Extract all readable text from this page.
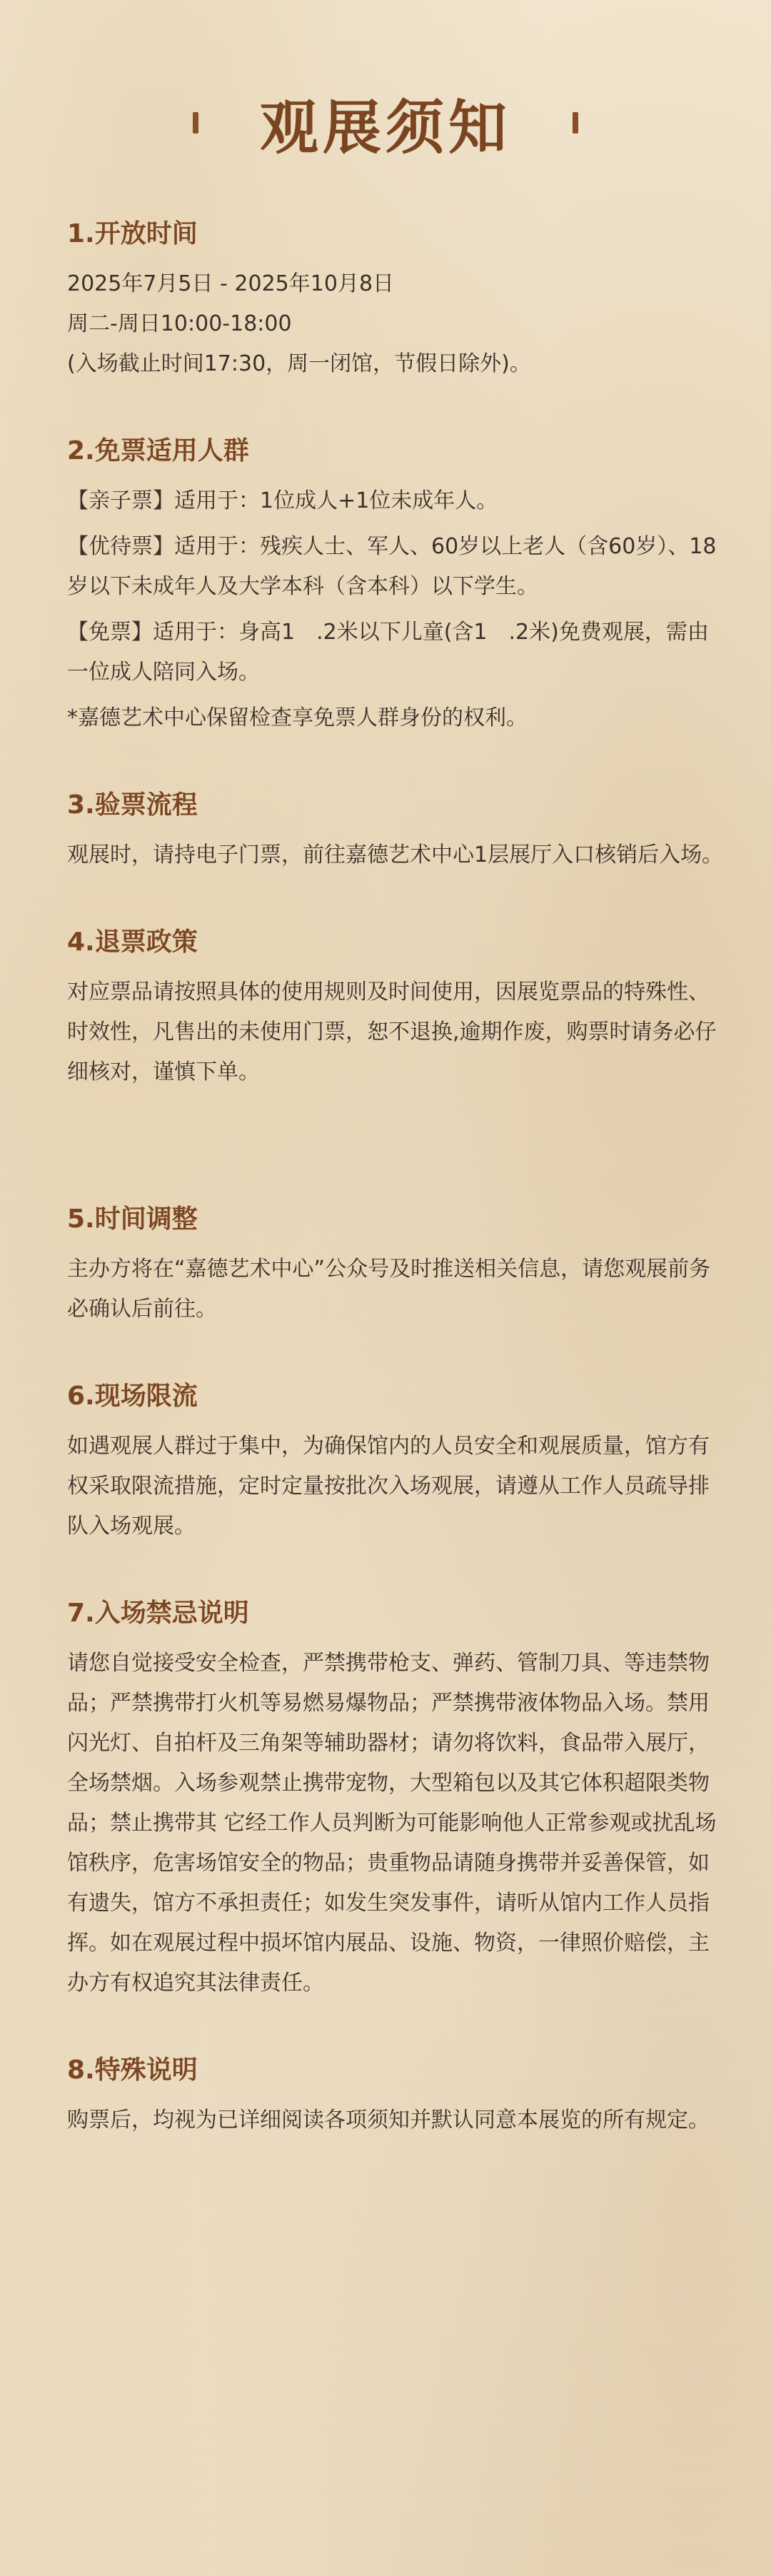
观展须知
1.开放时间

2025年7月5日 - 2025年10月8日

周二-周日10:00-18:00

(入场截止时间17:30，周一闭馆，节假日除外)。

2.免票适用人群

【亲子票】适用于：1位成人+1位未成年人。

【优待票】适用于：残疾人士、军人、60岁以上老人（含60岁）、18岁以下未成年人及大学本科（含本科）以下学生。

【免票】适用于：身高1　.2米以下儿童(含1　.2米)免费观展，需由一位成人陪同入场。

*嘉德艺术中心保留检查享免票人群身份的权利。

3.验票流程

观展时，请持电子门票，前往嘉德艺术中心1层展厅入口核销后入场。

4.退票政策

对应票品请按照具体的使用规则及时间使用，因展览票品的特殊性、时效性，凡售出的未使用门票，恕不退换,逾期作废，购票时请务必仔细核对，谨慎下单。

5.时间调整

主办方将在“嘉德艺术中心”公众号及时推送相关信息，请您观展前务必确认后前往。

6.现场限流

如遇观展人群过于集中，为确保馆内的人员安全和观展质量，馆方有权采取限流措施，定时定量按批次入场观展，请遵从工作人员疏导排队入场观展。

7.入场禁忌说明

请您自觉接受安全检查，严禁携带枪支、弹药、管制刀具、等违禁物品；严禁携带打火机等易燃易爆物品；严禁携带液体物品入场。禁用闪光灯、自拍杆及三角架等辅助器材；请勿将饮料，食品带入展厅，全场禁烟。入场参观禁止携带宠物，大型箱包以及其它体积超限类物品；禁止携带其 它经工作人员判断为可能影响他人正常参观或扰乱场馆秩序，危害场馆安全的物品；贵重物品请随身携带并妥善保管，如有遗失，馆方不承担责任；如发生突发事件，请听从馆内工作人员指挥。如在观展过程中损坏馆内展品、设施、物资，一律照价赔偿，主办方有权追究其法律责任。

8.特殊说明

购票后，均视为已详细阅读各项须知并默认同意本展览的所有规定。
